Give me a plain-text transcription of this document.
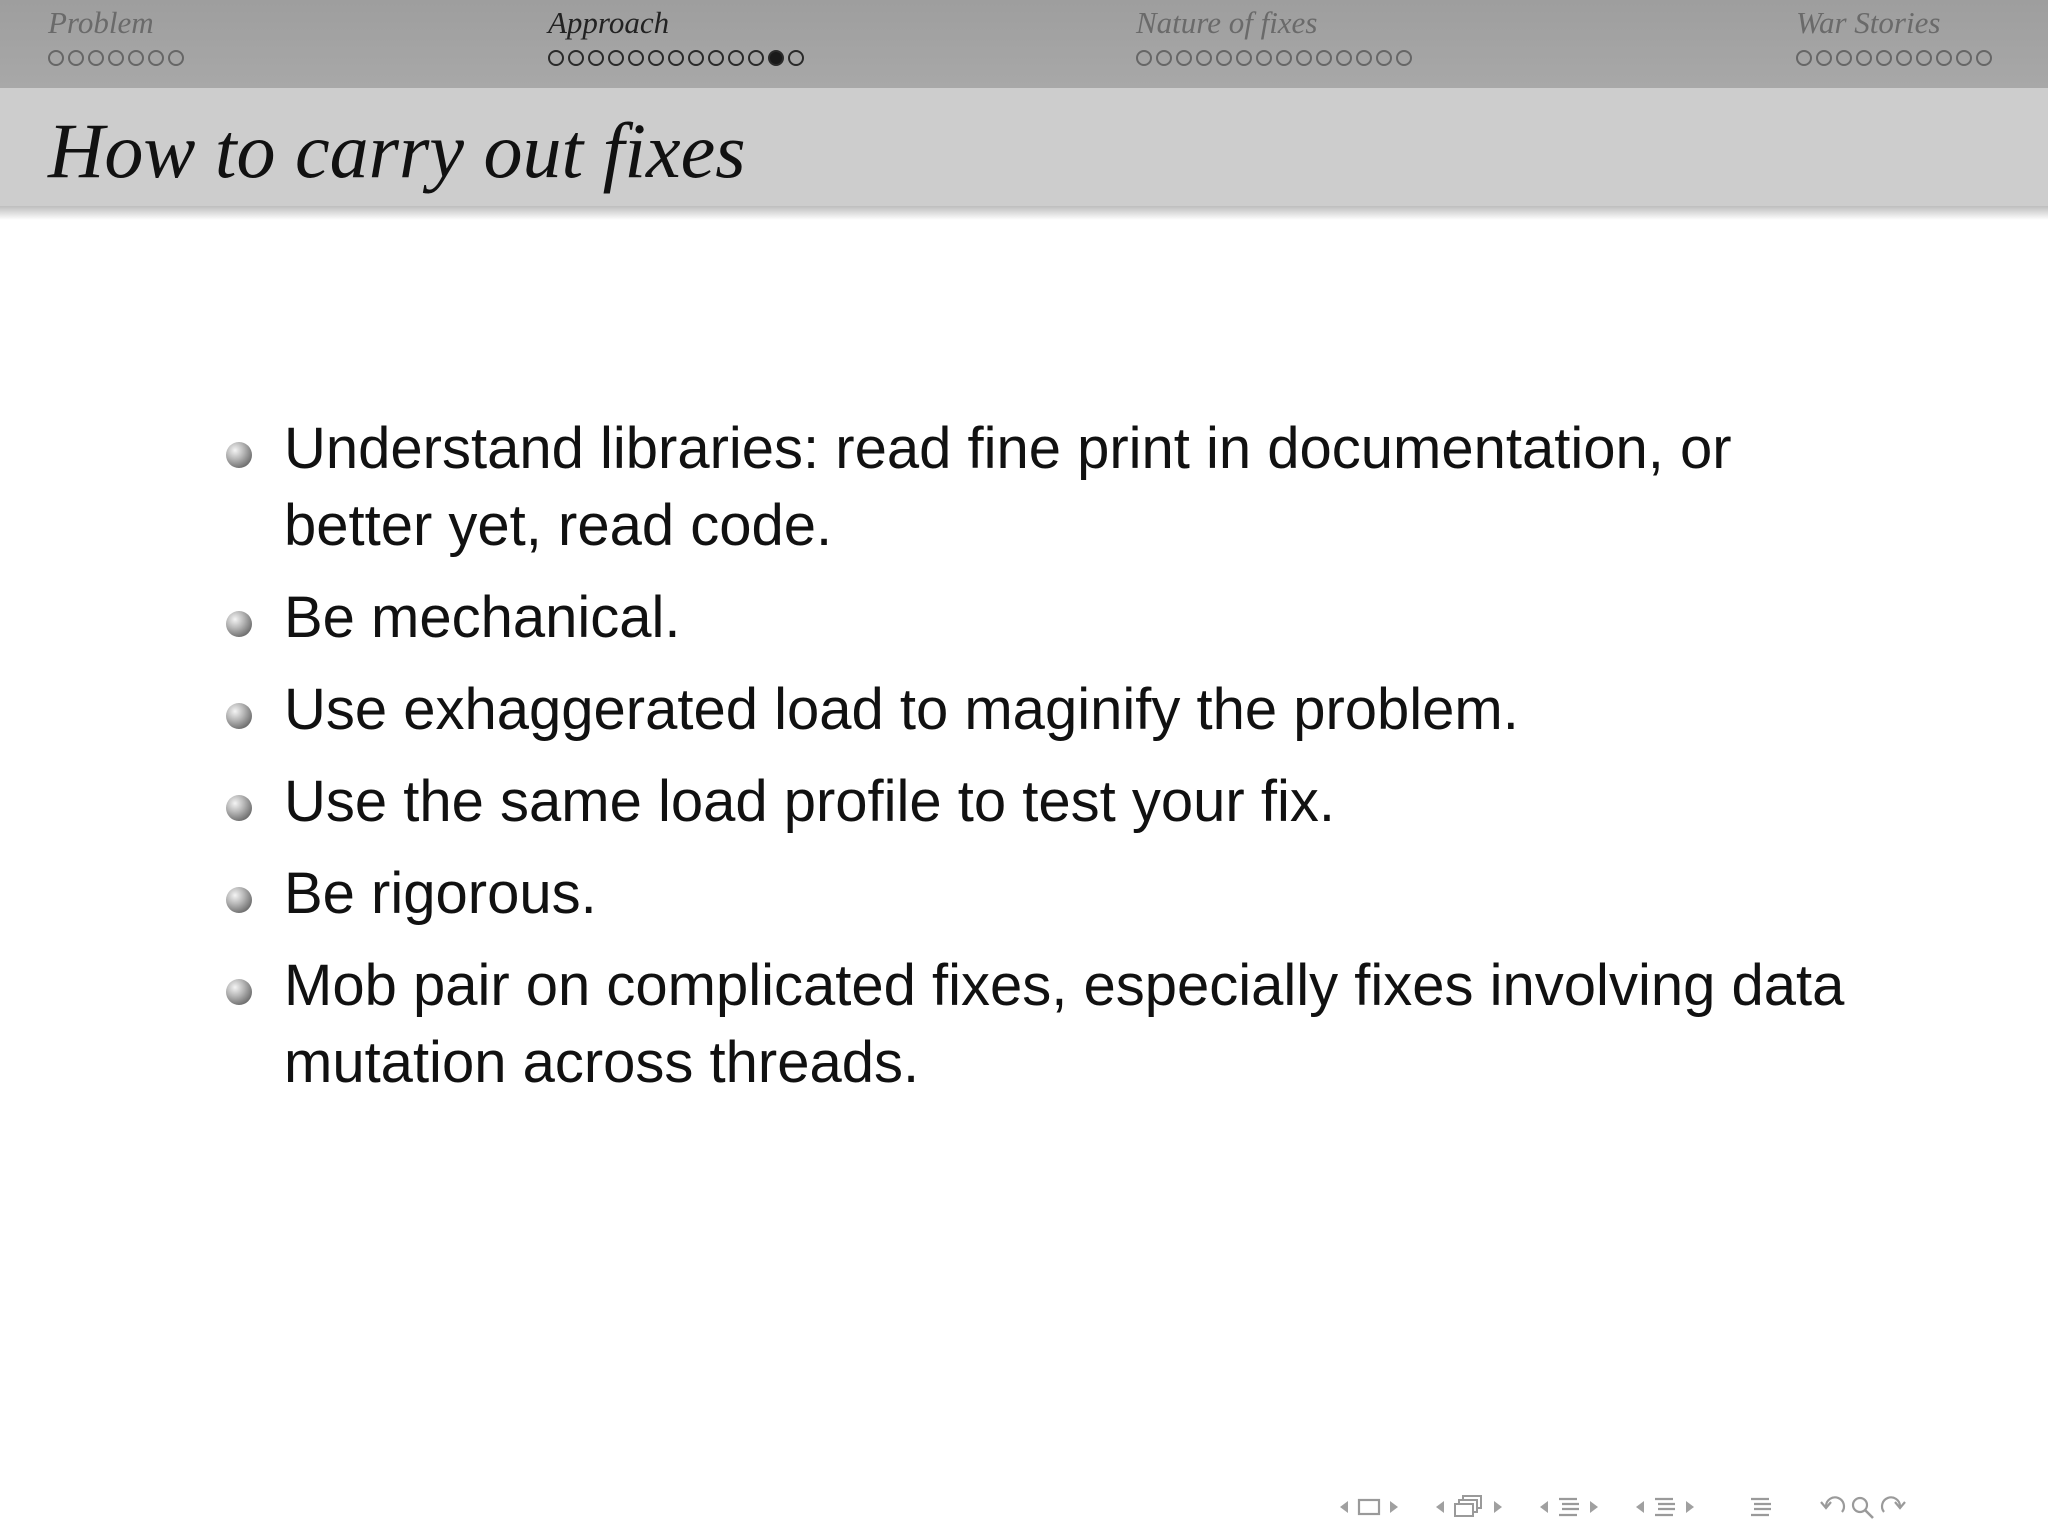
Problem	Approach	Nature of fixes	War Stories
How to carry out fixes
Understand libraries: read fine print in documentation, or better yet, read code.
Be mechanical.
Use exhaggerated load to maginify the problem.
Use the same load profile to test your fix.
Be rigorous.
Mob pair on complicated fixes, especially fixes involving data mutation across threads.
